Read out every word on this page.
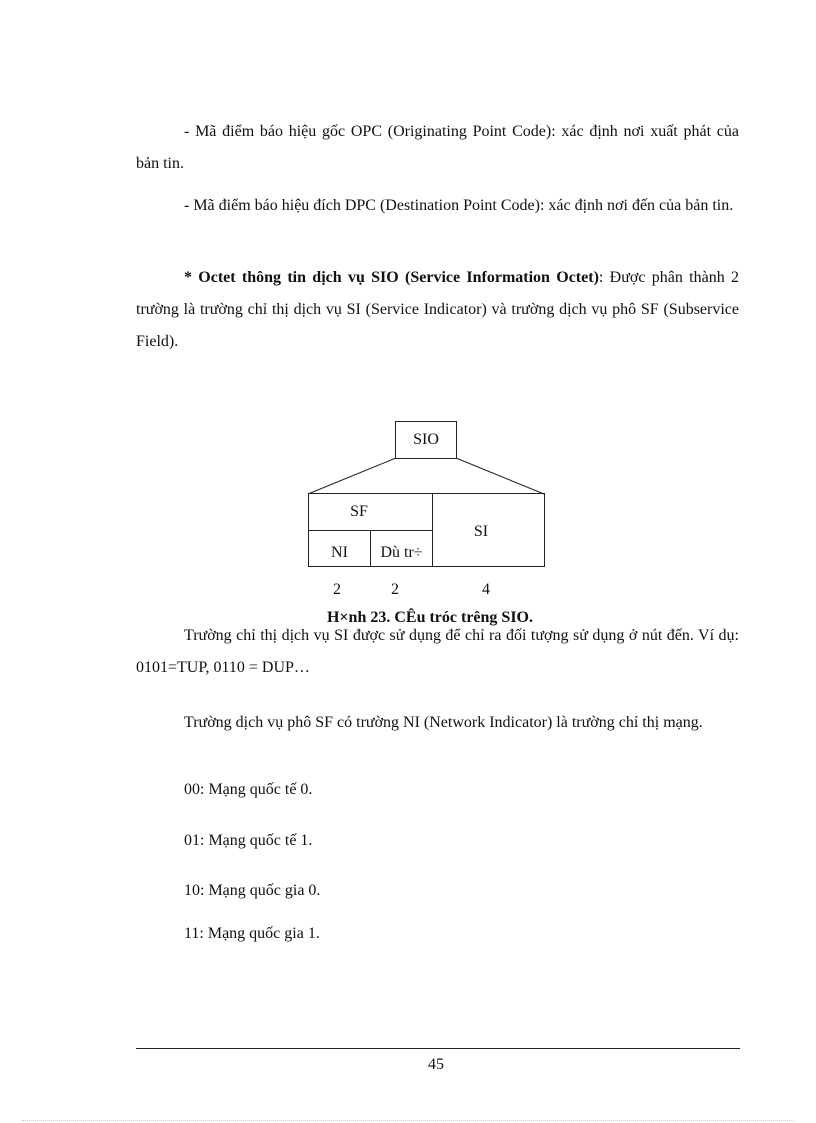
- Mã điểm báo hiệu gốc OPC (Originating Point Code): xác định nơi xuất phát của bản tin.

- Mã điểm báo hiệu đích DPC (Destination Point Code): xác định nơi đến của bản tin.

* Octet thông tin dịch vụ SIO (Service Information Octet): Được phân thành 2 trường là trường chỉ thị dịch vụ SI (Service Indicator) và trường dịch vụ phô SF (Subservice Field).

SIO
SF
NI	Dù tr÷
SI
2	2	4
H×nh 23. CÊu tróc trêng SIO.

Trường chỉ thị dịch vụ SI được sử dụng để chỉ ra đối tượng sử dụng ở nút đến. Ví dụ: 0101=TUP, 0110 = DUP…

Trường dịch vụ phô SF có trường NI (Network Indicator) là trường chỉ thị mạng.

00: Mạng quốc tế 0.

01: Mạng quốc tế 1.

10: Mạng quốc gia 0.

11: Mạng quốc gia 1.

45
